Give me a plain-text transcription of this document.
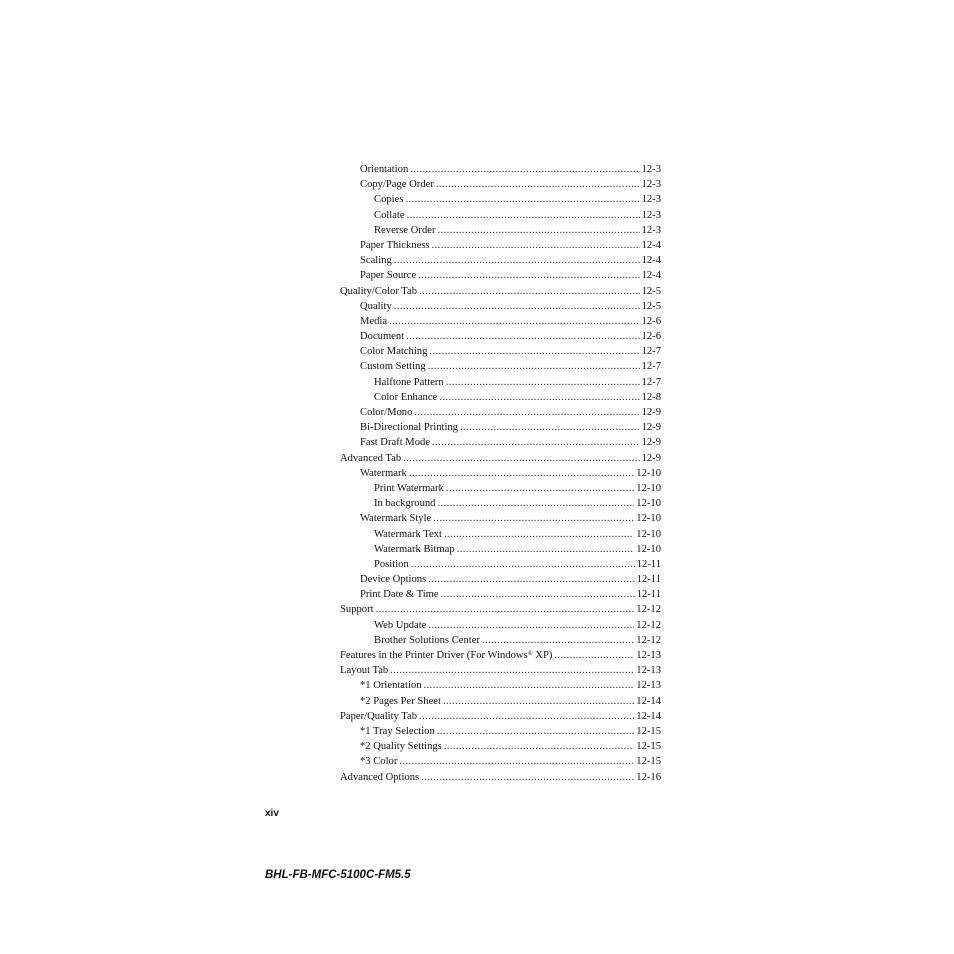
Orientation .....	12-3
Copy/Page Order .....	12-3
Copies .....	12-3
Collate .....	12-3
Reverse Order .....	12-3
Paper Thickness .....	12-4
Scaling .....	12-4
Paper Source .....	12-4
Quality/Color Tab .....	12-5
Quality .....	12-5
Media .....	12-6
Document .....	12-6
Color Matching .....	12-7
Custom Setting .....	12-7
Halftone Pattern .....	12-7
Color Enhance .....	12-8
Color/Mono .....	12-9
Bi-Directional Printing .....	12-9
Fast Draft Mode .....	12-9
Advanced Tab .....	12-9
Watermark .....	12-10
Print Watermark .....	12-10
In background .....	12-10
Watermark Style .....	12-10
Watermark Text .....	12-10
Watermark Bitmap .....	12-10
Position .....	12-11
Device Options .....	12-11
Print Date & Time .....	12-11
Support .....	12-12
Web Update .....	12-12
Brother Solutions Center .....	12-12
Features in the Printer Driver (For Windows® XP) .....	12-13
Layout Tab .....	12-13
*1 Orientation .....	12-13
*2 Pages Per Sheet .....	12-14
Paper/Quality Tab .....	12-14
*1 Tray Selection .....	12-15
*2 Quality Settings .....	12-15
*3 Color .....	12-15
Advanced Options .....	12-16
xiv
BHL-FB-MFC-5100C-FM5.5
